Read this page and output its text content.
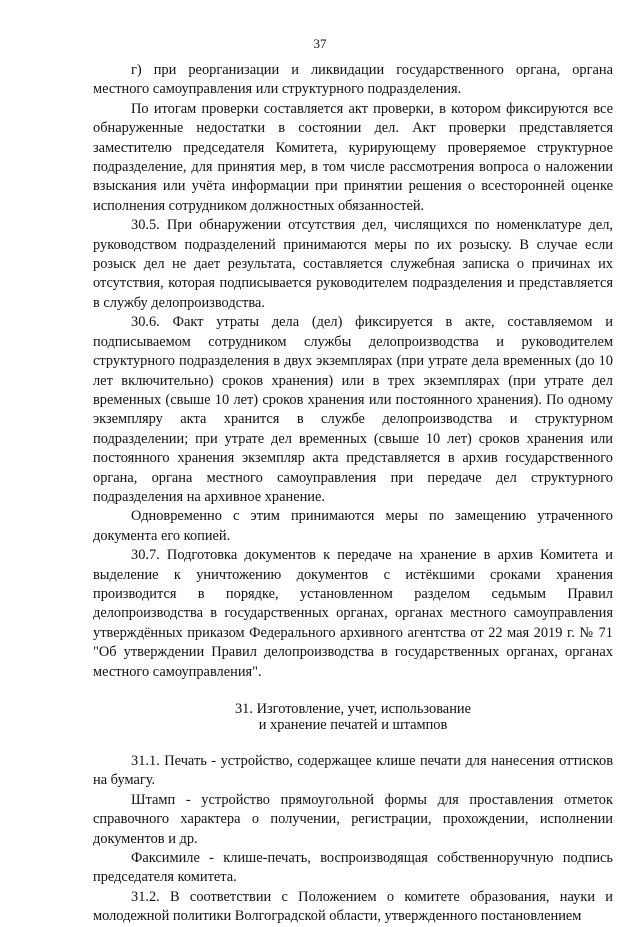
37

г) при реорганизации и ликвидации государственного органа, органа местного самоуправления или структурного подразделения.

По итогам проверки составляется акт проверки, в котором фиксируются все обнаруженные недостатки в состоянии дел. Акт проверки представляется заместителю председателя Комитета, курирующему проверяемое структурное подразделение, для принятия мер, в том числе рассмотрения вопроса о наложении взыскания или учёта информации при принятии решения о всесторонней оценке исполнения сотрудником должностных обязанностей.

30.5. При обнаружении отсутствия дел, числящихся по номенклатуре дел, руководством подразделений принимаются меры по их розыску. В случае если розыск дел не дает результата, составляется служебная записка о причинах их отсутствия, которая подписывается руководителем подразделения и представляется в службу делопроизводства.

30.6. Факт утраты дела (дел) фиксируется в акте, составляемом и подписываемом сотрудником службы делопроизводства и руководителем структурного подразделения в двух экземплярах (при утрате дела временных (до 10 лет включительно) сроков хранения) или в трех экземплярах (при утрате дел временных (свыше 10 лет) сроков хранения или постоянного хранения). По одному экземпляру акта хранится в службе делопроизводства и структурном подразделении; при утрате дел временных (свыше 10 лет) сроков хранения или постоянного хранения экземпляр акта представляется в архив государственного органа, органа местного самоуправления при передаче дел структурного подразделения на архивное хранение.

Одновременно с этим принимаются меры по замещению утраченного документа его копией.

30.7. Подготовка документов к передаче на хранение в архив Комитета и выделение к уничтожению документов с истёкшими сроками хранения производится в порядке, установленном разделом седьмым Правил делопроизводства в государственных органах, органах местного самоуправления утверждённых приказом Федерального архивного агентства от 22 мая 2019 г. № 71 "Об утверждении Правил делопроизводства в государственных органах, органах местного самоуправления".

31. Изготовление, учет, использование
и хранение печатей и штампов

31.1. Печать - устройство, содержащее клише печати для нанесения оттисков на бумагу.

Штамп - устройство прямоугольной формы для проставления отметок справочного характера о получении, регистрации, прохождении, исполнении документов и др.

Факсимиле - клише-печать, воспроизводящая собственноручную подпись председателя комитета.

31.2. В соответствии с Положением о комитете образования, науки и молодежной политики Волгоградской области, утвержденного постановлением
